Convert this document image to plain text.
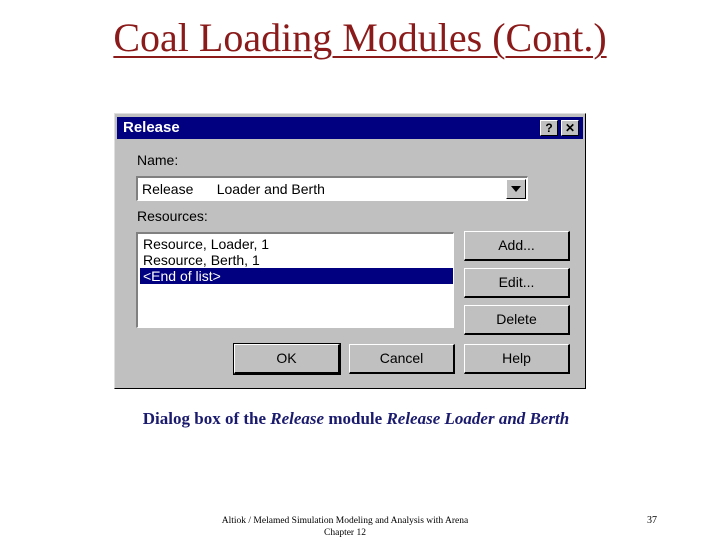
Coal Loading Modules (Cont.)
Release	?	✕
Name:
Release      Loader and Berth
Resources:
Resource, Loader, 1
Resource, Berth, 1
<End of list>
Add...
Edit...
Delete
OK	Cancel	Help
Dialog box of the Release module Release Loader and Berth
Altiok / Melamed Simulation Modeling and Analysis with Arena
Chapter 12
37
